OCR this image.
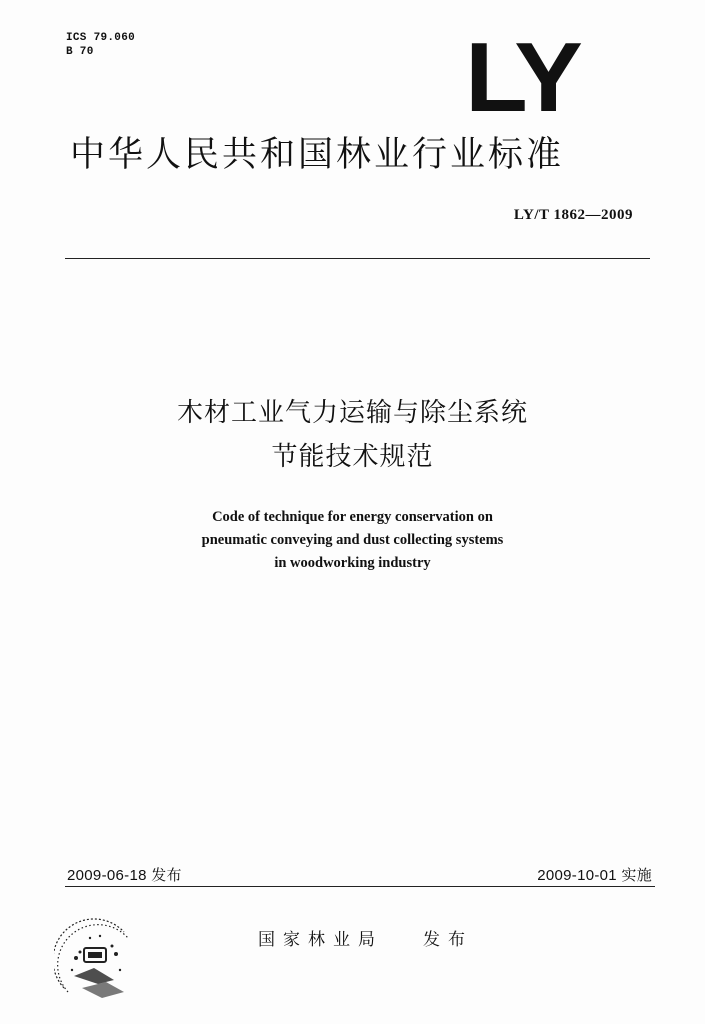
ICS 79.060
B 70	LY
中华人民共和国林业行业标准
LY/T 1862—2009
木材工业气力运输与除尘系统
节能技术规范
Code of technique for energy conservation on
pneumatic conveying and dust collecting systems
in woodworking industry
2009-06-18 发布	2009-10-01 实施
国家林业局 发布
